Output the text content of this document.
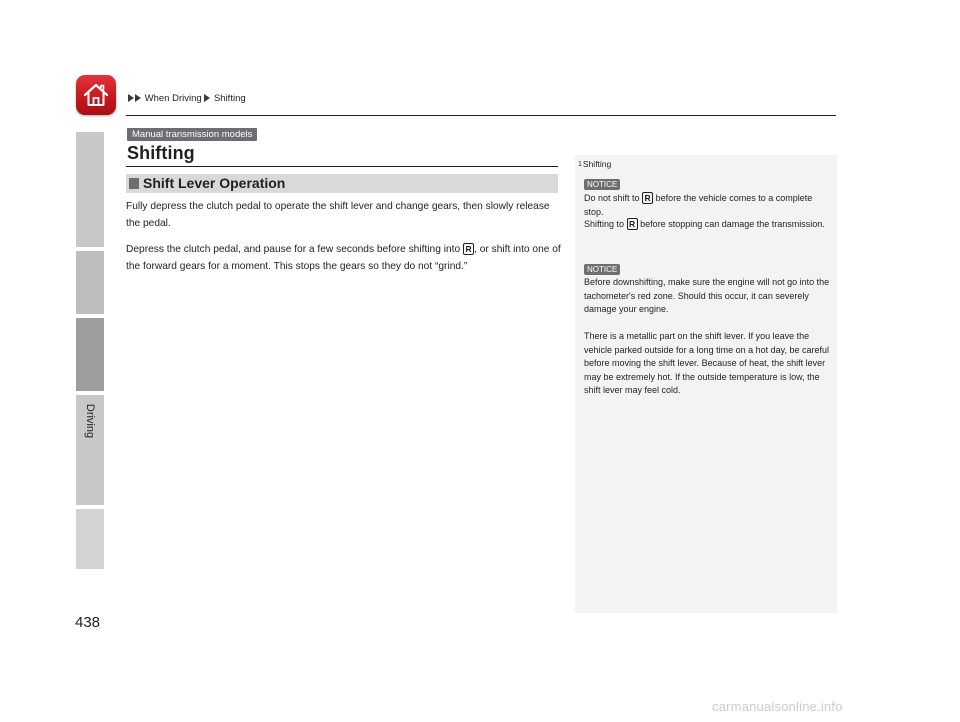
Driving
When Driving Shifting
Manual transmission models
Shifting
Shift Lever Operation
Fully depress the clutch pedal to operate the shift lever and change gears, then slowly release the pedal.
Depress the clutch pedal, and pause for a few seconds before shifting into R , or shift into one of the forward gears for a moment. This stops the gears so they do not “grind.”
1Shifting
NOTICE
Do not shift to R before the vehicle comes to a complete stop.
Shifting to R before stopping can damage the transmission.
NOTICE
Before downshifting, make sure the engine will not go into the tachometer's red zone. Should this occur, it can severely damage your engine.
There is a metallic part on the shift lever. If you leave the vehicle parked outside for a long time on a hot day, be careful before moving the shift lever. Because of heat, the shift lever may be extremely hot. If the outside temperature is low, the shift lever may feel cold.
438
carmanualsonline.info
